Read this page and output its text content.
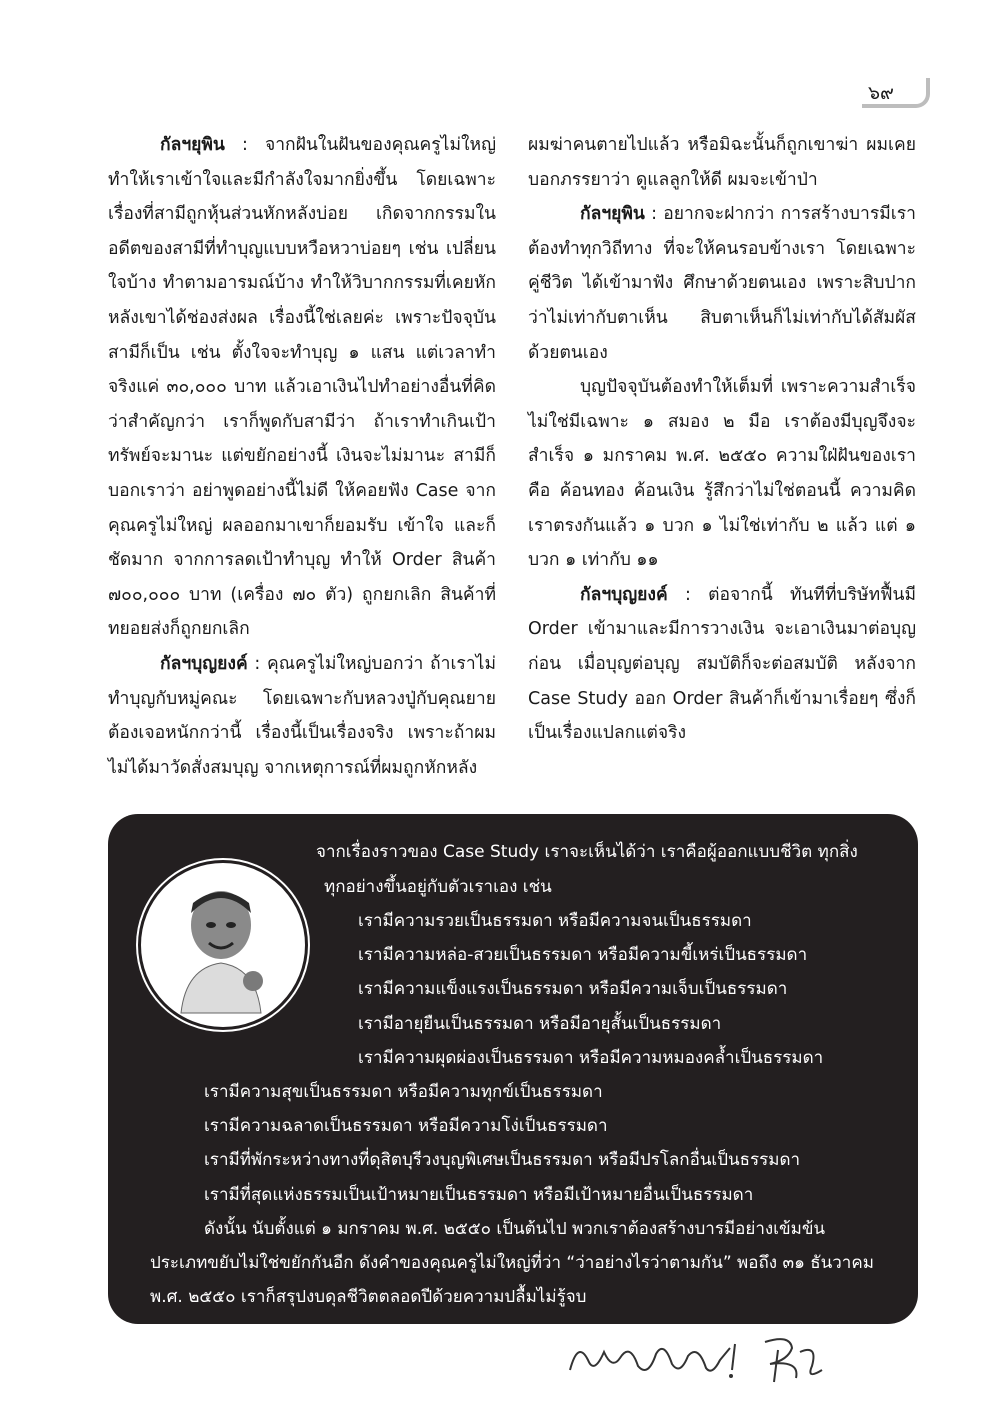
๖๙

กัลฯยุพิน : จากฝันในฝันของคุณครูไม่ใหญ่ทำให้เราเข้าใจและมีกำลังใจมากยิ่งขึ้น โดยเฉพาะเรื่องที่สามีถูกหุ้นส่วนหักหลังบ่อย เกิดจากกรรมในอดีตของสามีที่ทำบุญแบบหวือหวาบ่อยๆ เช่น เปลี่ยนใจบ้าง ทำตามอารมณ์บ้าง ทำให้วิบากกรรมที่เคยหักหลังเขาได้ช่องส่งผล เรื่องนี้ใช่เลยค่ะ เพราะปัจจุบันสามีก็เป็น เช่น ตั้งใจจะทำบุญ ๑ แสน แต่เวลาทำจริงแค่ ๓๐,๐๐๐ บาท แล้วเอาเงินไปทำอย่างอื่นที่คิดว่าสำคัญกว่า เราก็พูดกับสามีว่า ถ้าเราทำเกินเป้า ทรัพย์จะมานะ แต่ขยักอย่างนี้ เงินจะไม่มานะ สามีก็บอกเราว่า อย่าพูดอย่างนี้ไม่ดี ให้คอยฟัง Case จากคุณครูไม่ใหญ่ ผลออกมาเขาก็ยอมรับ เข้าใจ และก็ชัดมาก จากการลดเป้าทำบุญ ทำให้ Order สินค้า ๗๐๐,๐๐๐ บาท (เครื่อง ๗๐ ตัว) ถูกยกเลิก สินค้าที่ทยอยส่งก็ถูกยกเลิก

กัลฯบุญยงค์ : คุณครูไม่ใหญ่บอกว่า ถ้าเราไม่ทำบุญกับหมู่คณะ โดยเฉพาะกับหลวงปู่กับคุณยาย ต้องเจอหนักกว่านี้ เรื่องนี้เป็นเรื่องจริง เพราะถ้าผมไม่ได้มาวัดสั่งสมบุญ จากเหตุการณ์ที่ผมถูกหักหลัง

ผมฆ่าคนตายไปแล้ว หรือมิฉะนั้นก็ถูกเขาฆ่า ผมเคยบอกภรรยาว่า ดูแลลูกให้ดี ผมจะเข้าป่า

กัลฯยุพิน : อยากจะฝากว่า การสร้างบารมีเราต้องทำทุกวิถีทาง ที่จะให้คนรอบข้างเรา โดยเฉพาะคู่ชีวิต ได้เข้ามาฟัง ศึกษาด้วยตนเอง เพราะสิบปากว่าไม่เท่ากับตาเห็น สิบตาเห็นก็ไม่เท่ากับได้สัมผัสด้วยตนเอง

บุญปัจจุบันต้องทำให้เต็มที่ เพราะความสำเร็จไม่ใช่มีเฉพาะ ๑ สมอง ๒ มือ เราต้องมีบุญจึงจะสำเร็จ ๑ มกราคม พ.ศ. ๒๕๕๐ ความใฝ่ฝันของเรา คือ ค้อนทอง ค้อนเงิน รู้สึกว่าไม่ใช่ตอนนี้ ความคิดเราตรงกันแล้ว ๑ บวก ๑ ไม่ใช่เท่ากับ ๒ แล้ว แต่ ๑ บวก ๑ เท่ากับ ๑๑

กัลฯบุญยงค์ : ต่อจากนี้ ทันทีที่บริษัทฟื้นมี Order เข้ามาและมีการวางเงิน จะเอาเงินมาต่อบุญก่อน เมื่อบุญต่อบุญ สมบัติก็จะต่อสมบัติ หลังจาก Case Study ออก Order สินค้าก็เข้ามาเรื่อยๆ ซึ่งก็เป็นเรื่องแปลกแต่จริง

จากเรื่องราวของ Case Study เราจะเห็นได้ว่า เราคือผู้ออกแบบชีวิต ทุกสิ่ง
ทุกอย่างขึ้นอยู่กับตัวเราเอง เช่น
เรามีความรวยเป็นธรรมดา หรือมีความจนเป็นธรรมดา
เรามีความหล่อ-สวยเป็นธรรมดา หรือมีความขี้เหร่เป็นธรรมดา
เรามีความแข็งแรงเป็นธรรมดา หรือมีความเจ็บเป็นธรรมดา
เรามีอายุยืนเป็นธรรมดา หรือมีอายุสั้นเป็นธรรมดา
เรามีความผุดผ่องเป็นธรรมดา หรือมีความหมองคล้ำเป็นธรรมดา
เรามีความสุขเป็นธรรมดา หรือมีความทุกข์เป็นธรรมดา
เรามีความฉลาดเป็นธรรมดา หรือมีความโง่เป็นธรรมดา
เรามีที่พักระหว่างทางที่ดุสิตบุรีวงบุญพิเศษเป็นธรรมดา หรือมีปรโลกอื่นเป็นธรรมดา
เรามีที่สุดแห่งธรรมเป็นเป้าหมายเป็นธรรมดา หรือมีเป้าหมายอื่นเป็นธรรมดา
ดังนั้น นับตั้งแต่ ๑ มกราคม พ.ศ. ๒๕๕๐ เป็นต้นไป พวกเราต้องสร้างบารมีอย่างเข้มข้น
ประเภทขยับไม่ใช่ขยักกันอีก ดังคำของคุณครูไม่ใหญ่ที่ว่า “ว่าอย่างไรว่าตามกัน” พอถึง ๓๑ ธันวาคม
พ.ศ. ๒๕๕๐ เราก็สรุปงบดุลชีวิตตลอดปีด้วยความปลื้มไม่รู้จบ
